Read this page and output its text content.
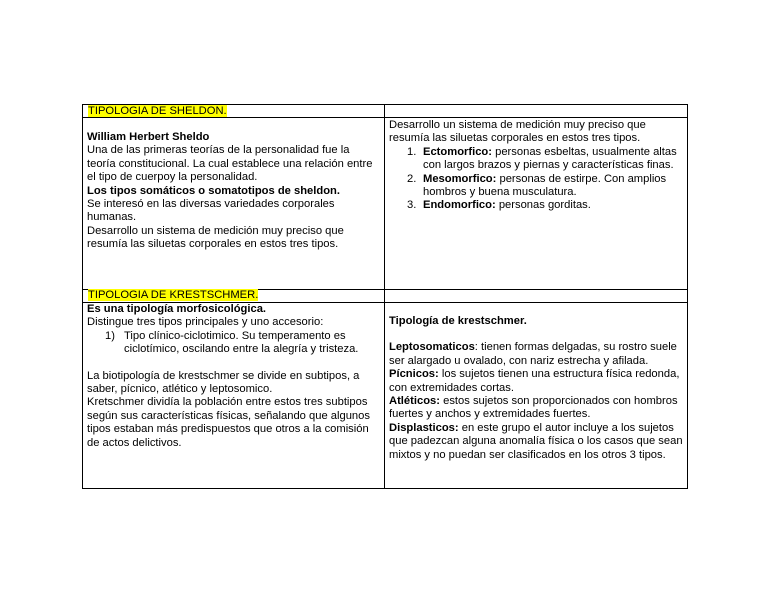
TIPOLOGIA DE SHELDON.

William Herbert Sheldo

Una de las primeras teorías de la personalidad fue la teoría constitucional. La cual establece una relación entre el tipo de cuerpoy la personalidad.

Los tipos somáticos o somatotipos de sheldon.

Se interesó en las diversas variedades corporales humanas.

Desarrollo un sistema de medición muy preciso que resumía las siluetas corporales en estos tres tipos.

Desarrollo un sistema de medición muy preciso que resumía las siluetas corporales en estos tres tipos.

1. Ectomorfico: personas esbeltas, usualmente altas con largos brazos y piernas y características finas.
2. Mesomorfico: personas de estirpe. Con amplios hombros y buena musculatura.
3. Endomorfico: personas gorditas.
TIPOLOGIA DE KRESTSCHMER.

Es una tipología morfosicológica.

Distingue tres tipos principales y uno accesorio:

1) Tipo clínico-ciclotimico. Su temperamento es ciclotímico, oscilando entre la alegría y tristeza.

La biotipología de krestschmer se divide en subtipos, a saber, pícnico, atlético y leptosomico.

Kretschmer dividía la población entre estos tres subtipos según sus características físicas, señalando que algunos tipos estaban más predispuestos que otros a la comisión de actos delictivos.

Tipología de krestschmer.

Leptosomaticos: tienen formas delgadas, su rostro suele ser alargado u ovalado, con nariz estrecha y afilada.

Pícnicos: los sujetos tienen una estructura física redonda, con extremidades cortas.

Atléticos: estos sujetos son proporcionados con hombros fuertes y anchos y extremidades fuertes.

Displasticos: en este grupo el autor incluye a los sujetos que padezcan alguna anomalía física o los casos que sean mixtos y no puedan ser clasificados en los otros 3 tipos.
